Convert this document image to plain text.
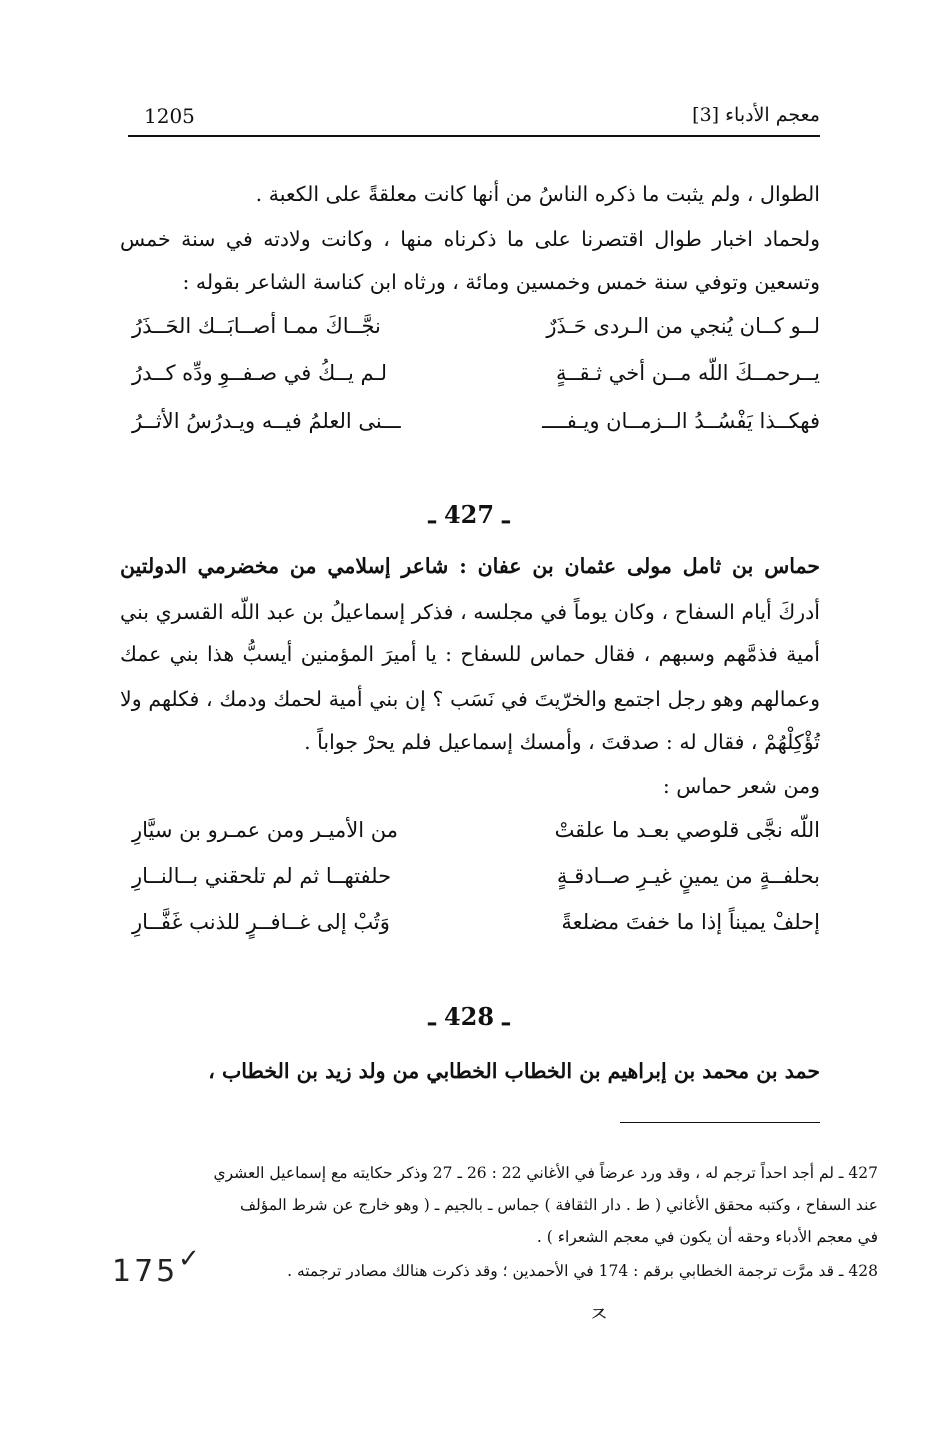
معجم الأدباء [3]
1205
الطوال ، ولم يثبت ما ذكره الناسُ من أنها كانت معلقةً على الكعبة .
ولحماد اخبار طوال اقتصرنا على ما ذكرناه منها ، وكانت ولادته في سنة خمس
وتسعين وتوفي سنة خمس وخمسين ومائة ، ورثاه ابن كناسة الشاعر بقوله :
لــو كــان يُنجي من الـردى حَـذَرٌ
نجَّــاكَ ممـا أصــابَــك الحَــذَرُ
يــرحمــكَ اللّه مــن أخي ثـقــةٍ
لـم يــكُ في صـفــوِ ودِّه كــدرُ
فهكــذا يَفْسُــدُ الــزمــان ويـفــــ
ـــنى العلمُ فيــه ويـدرُسُ الأثــرُ
ـ 427 ـ
حماس بن ثامل مولى عثمان بن عفان : شاعر إسلامي من مخضرمي الدولتين
أدركَ أيام السفاح ، وكان يوماً في مجلسه ، فذكر إسماعيلُ بن عبد اللّه القسري بني
أمية فذمَّهم وسبهم ، فقال حماس للسفاح : يا أميرَ المؤمنين أيسبُّ هذا بني عمك
وعمالهم وهو رجل اجتمع والخرّيتَ في نَسَب ؟ إن بني أمية لحمك ودمك ، فكلهم ولا
تُؤْكِلْهُمْ ، فقال له : صدقتَ ، وأمسك إسماعيل فلم يحرْ جواباً .
ومن شعر حماس :
اللّه نجَّى قلوصي بعـد ما علقتْ
من الأميـر ومن عمـرو بن سيَّارِ
بحلفــةٍ من يمينٍ غيـرِ صــادقـةٍ
حلفتهــا ثم لم تلحقني بــالنــارِ
إحلفْ يميناً إذا ما خفتَ مضلعةً
وَتُبْ إلى غــافــرٍ للذنب غَفَّــارِ
ـ 428 ـ
حمد بن محمد بن إبراهيم بن الخطاب الخطابي من ولد زيد بن الخطاب ،
427 ـ لم أجد احداً ترجم له ، وقد ورد عرضاً في الأغاني 22 : 26 ـ 27 وذكر حكايته مع إسماعيل العشري
عند السفاح ، وكتبه محقق الأغاني ( ط . دار الثقافة ) جماس ـ بالجيم ـ ( وهو خارج عن شرط المؤلف
في معجم الأدباء وحقه أن يكون في معجم الشعراء ) .
428 ـ قد مرَّت ترجمة الخطابي برقم : 174 في الأحمدين ؛ وقد ذكرت هنالك مصادر ترجمته .
175 ✓
ㅈ
